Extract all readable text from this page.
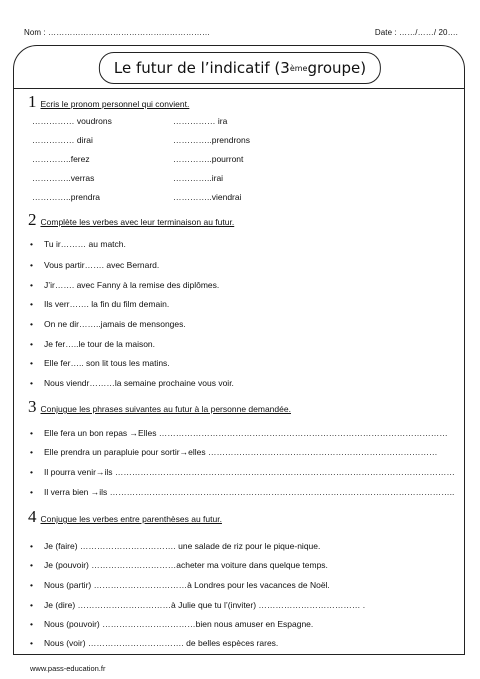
Nom : ……………………………………………………	Date : ……/……/ 20….
Le futur de l’indicatif (3 ème groupe)
1 Ecris le pronom personnel qui convient.
…………… voudrons
…………… dirai
…………..ferez
…………..verras
…………..prendra
…………… ira
…………..prendrons
…………..pourront
…………..irai
…………..viendrai
2 Complète les verbes avec leur terminaison au futur.
• Tu ir……… au match.
• Vous partir……. avec Bernard.
• J’ir……. avec Fanny à la remise des diplômes.
• Ils verr……. la fin du film demain.
• On ne dir……..jamais de mensonges.
• Je fer…..le tour de la maison.
• Elle fer….. son lit tous les matins.
• Nous viendr………la semaine prochaine vous voir.
3 Conjugue les phrases suivantes au futur à la personne demandée.
• Elle fera un bon repas →Elles …………………………………………………………………………………………
• Elle prendra un parapluie pour sortir→elles ………………………………………………………………………
• Il pourra venir→ils …………………………………………………………………………………………………………
• Il verra bien →ils …………………………………………………………………………………………………………..
4 Conjugue les verbes entre parenthèses au futur.
• Je (faire) ……………………………. une salade de riz pour le pique-nique.
• Je (pouvoir) …………………………acheter ma voiture dans quelque temps.
• Nous (partir) ……………………………à Londres pour les vacances de Noël.
• Je (dire) ……………………………à Julie que tu l’(inviter) ……………………………… .
• Nous (pouvoir) ……………………………bien nous amuser en Espagne.
• Nous (voir) ……………………………. de belles espèces rares.
www.pass-education.fr
